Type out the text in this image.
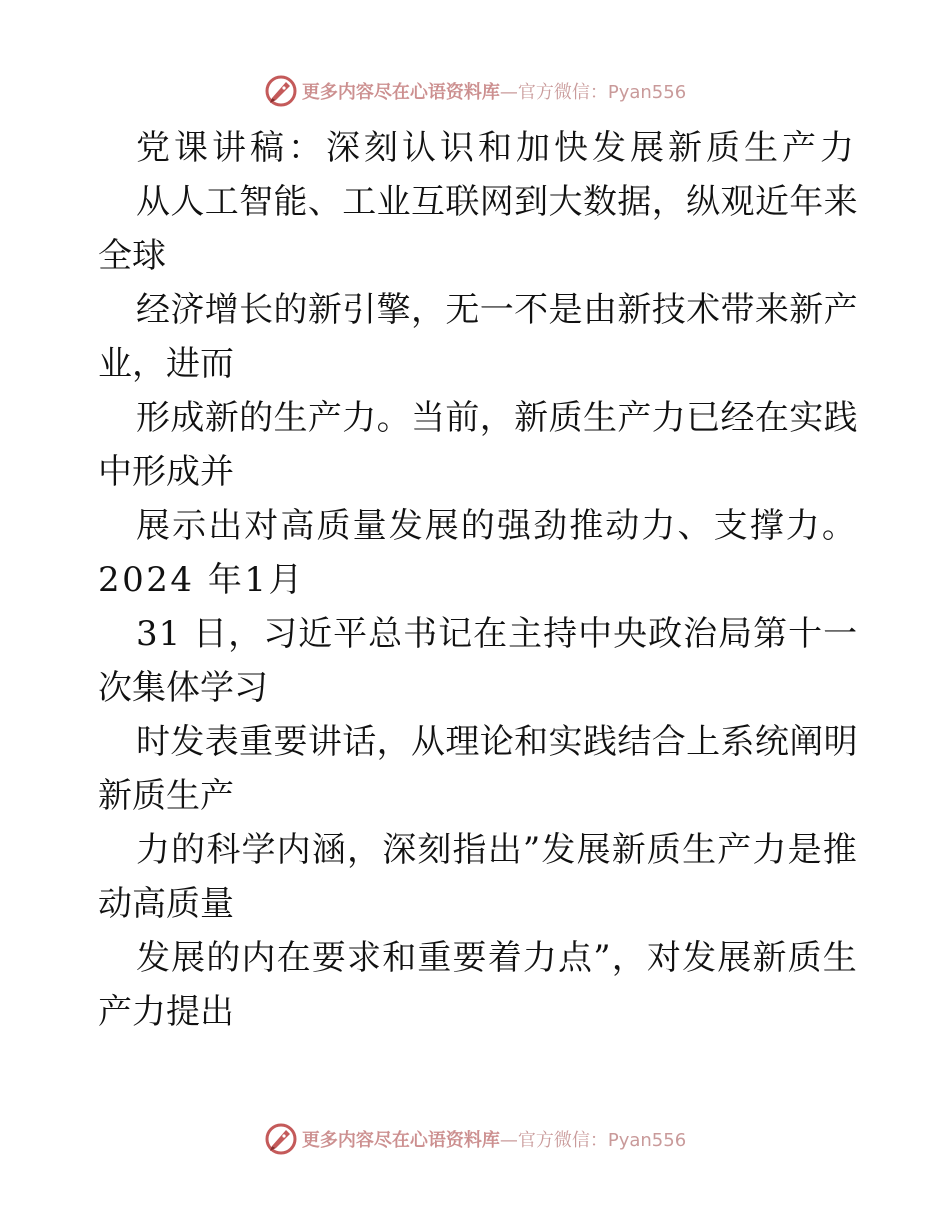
更多内容尽在心语资料库 —官方微信：Pyan556
党课讲稿：深刻认识和加快发展新质生产力
从人工智能、工业互联网到大数据，纵观近年来
全球
经济增长的新引擎，无一不是由新技术带来新产
业，进而
形成新的生产力。当前，新质生产力已经在实践
中形成并
展示出对高质量发展的强劲推动力、支撑力。
2024 年1月
31 日，习近平总书记在主持中央政治局第十一
次集体学习
时发表重要讲话，从理论和实践结合上系统阐明
新质生产
力的科学内涵，深刻指出”发展新质生产力是推
动高质量
发展的内在要求和重要着力点”，对发展新质生
产力提出
更多内容尽在心语资料库 —官方微信：Pyan556
